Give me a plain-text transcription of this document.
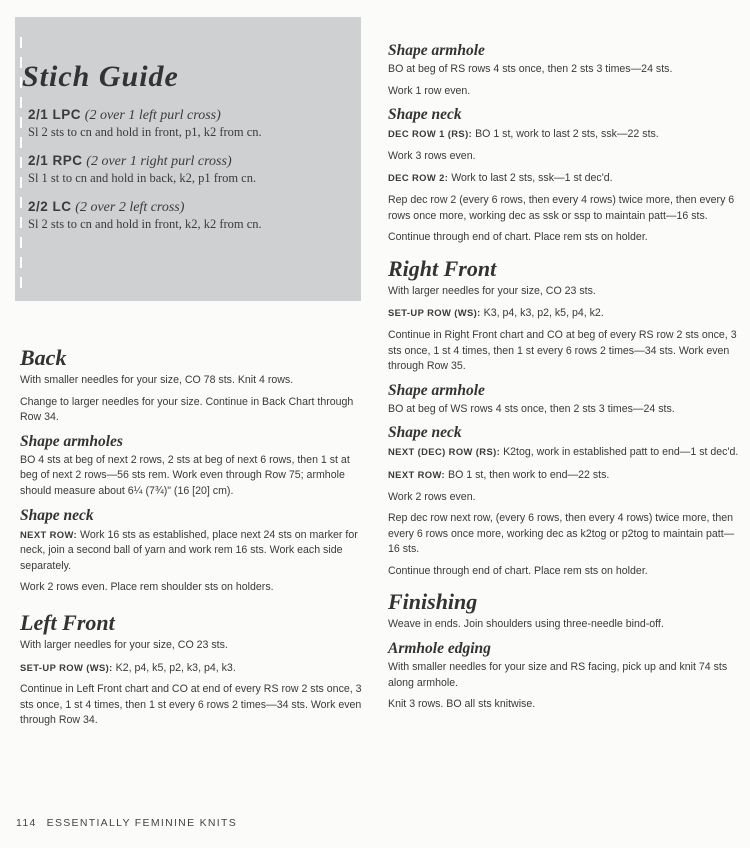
Stich Guide
2/1 LPC (2 over 1 left purl cross)
Sl 2 sts to cn and hold in front, p1, k2 from cn.
2/1 RPC (2 over 1 right purl cross)
Sl 1 st to cn and hold in back, k2, p1 from cn.
2/2 LC (2 over 2 left cross)
Sl 2 sts to cn and hold in front, k2, k2 from cn.
Back

With smaller needles for your size, CO 78 sts. Knit 4 rows.

Change to larger needles for your size. Continue in Back Chart through Row 34.

Shape armholes

BO 4 sts at beg of next 2 rows, 2 sts at beg of next 6 rows, then 1 st at beg of next 2 rows—56 sts rem. Work even through Row 75; armhole should measure about 6¼ (7¾)" (16 [20] cm).

Shape neck

NEXT ROW: Work 16 sts as established, place next 24 sts on marker for neck, join a second ball of yarn and work rem 16 sts. Work each side separately.

Work 2 rows even. Place rem shoulder sts on holders.

Left Front

With larger needles for your size, CO 23 sts.

SET-UP ROW (WS): K2, p4, k5, p2, k3, p4, k3.

Continue in Left Front chart and CO at end of every RS row 2 sts once, 3 sts once, 1 st 4 times, then 1 st every 6 rows 2 times—34 sts. Work even through Row 34.

Shape armhole

BO at beg of RS rows 4 sts once, then 2 sts 3 times—24 sts.

Work 1 row even.

Shape neck

DEC ROW 1 (RS): BO 1 st, work to last 2 sts, ssk—22 sts.

Work 3 rows even.

DEC ROW 2: Work to last 2 sts, ssk—1 st dec'd.

Rep dec row 2 (every 6 rows, then every 4 rows) twice more, then every 6 rows once more, working dec as ssk or ssp to maintain patt—16 sts.

Continue through end of chart. Place rem sts on holder.

Right Front

With larger needles for your size, CO 23 sts.

SET-UP ROW (WS): K3, p4, k3, p2, k5, p4, k2.

Continue in Right Front chart and CO at beg of every RS row 2 sts once, 3 sts once, 1 st 4 times, then 1 st every 6 rows 2 times—34 sts. Work even through Row 35.

Shape armhole

BO at beg of WS rows 4 sts once, then 2 sts 3 times—24 sts.

Shape neck

NEXT (DEC) ROW (RS): K2tog, work in established patt to end—1 st dec'd.

NEXT ROW: BO 1 st, then work to end—22 sts.

Work 2 rows even.

Rep dec row next row, (every 6 rows, then every 4 rows) twice more, then every 6 rows once more, working dec as k2tog or p2tog to maintain patt—16 sts.

Continue through end of chart. Place rem sts on holder.

Finishing

Weave in ends. Join shoulders using three-needle bind-off.

Armhole edging

With smaller needles for your size and RS facing, pick up and knit 74 sts along armhole.

Knit 3 rows. BO all sts knitwise.

114 ESSENTIALLY FEMININE KNITS
